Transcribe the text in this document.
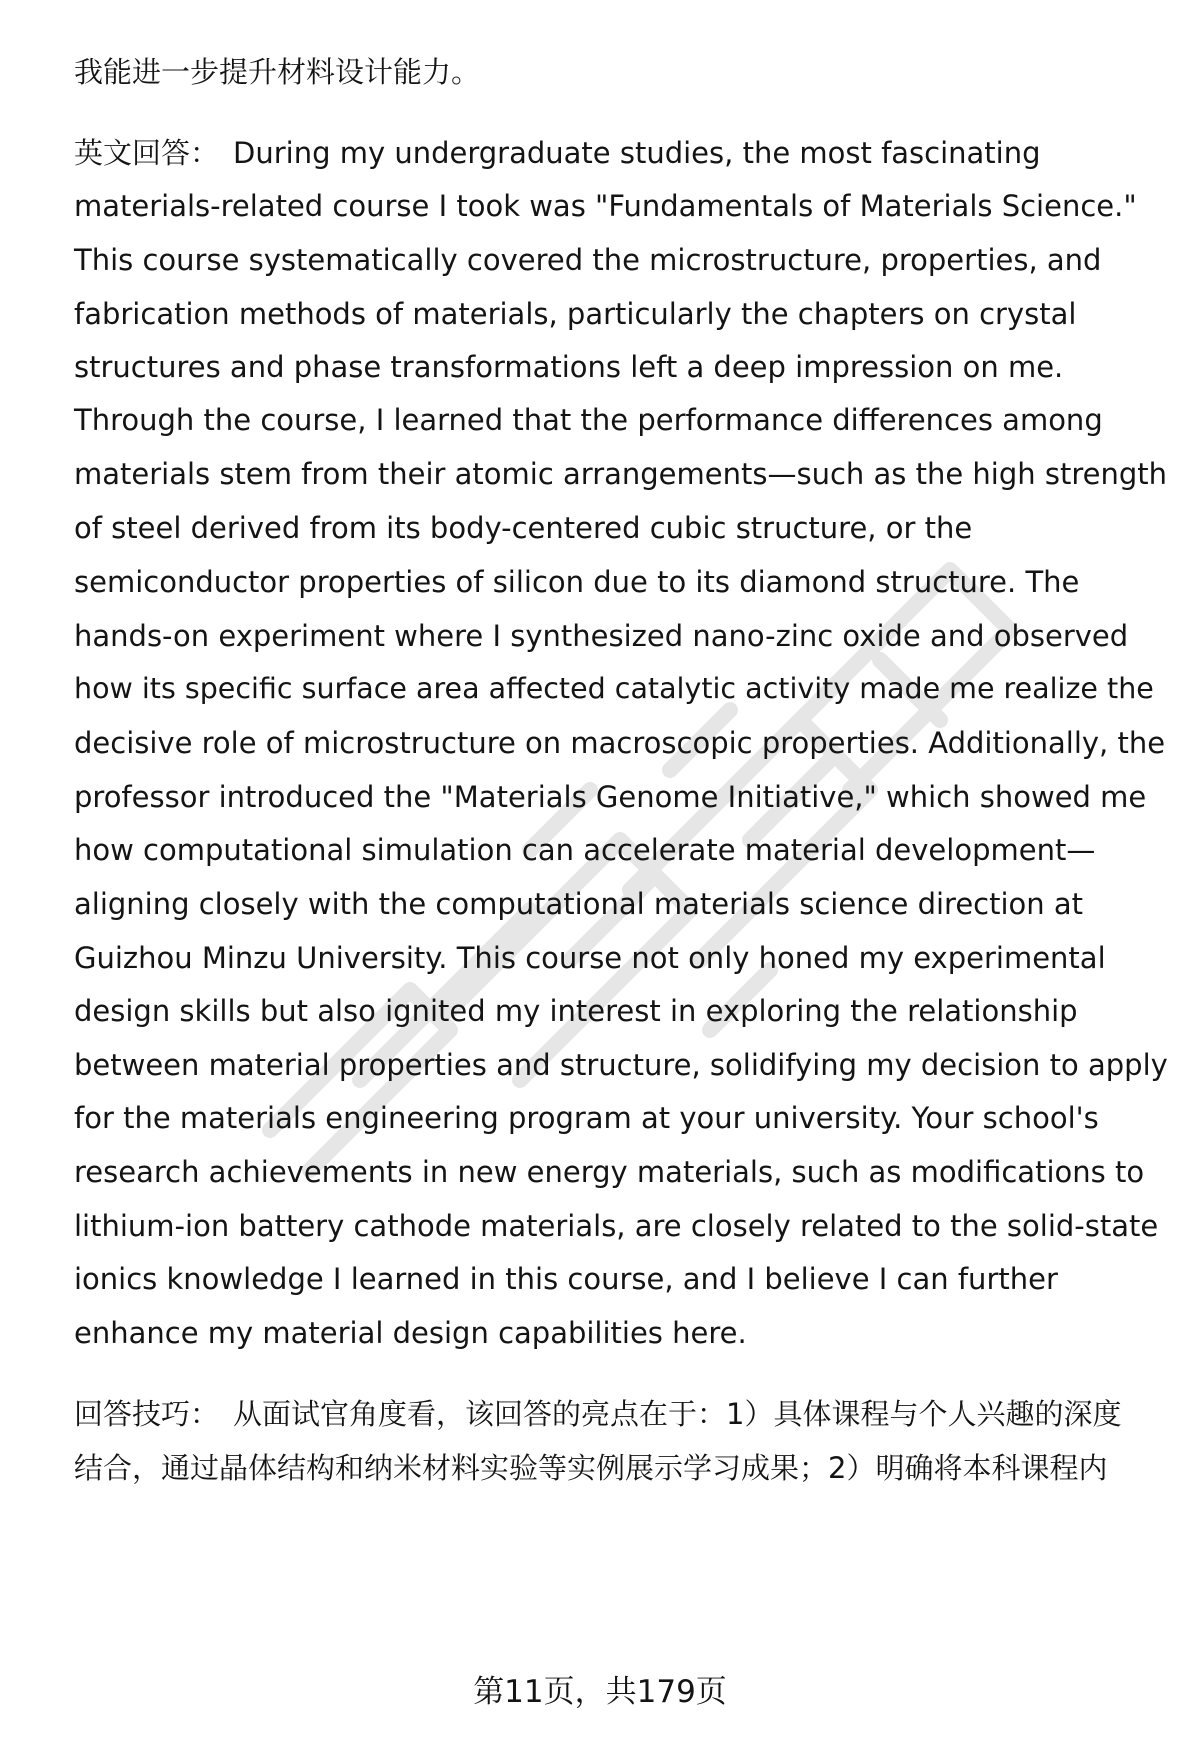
我能进一步提升材料设计能力。
英文回答： During my undergraduate studies, the most fascinating
materials-related course I took was "Fundamentals of Materials Science."
This course systematically covered the microstructure, properties, and
fabrication methods of materials, particularly the chapters on crystal
structures and phase transformations left a deep impression on me.
Through the course, I learned that the performance differences among
materials stem from their atomic arrangements—such as the high strength
of steel derived from its body-centered cubic structure, or the
semiconductor properties of silicon due to its diamond structure. The
hands-on experiment where I synthesized nano-zinc oxide and observed
how its specific surface area affected catalytic activity made me realize the
decisive role of microstructure on macroscopic properties. Additionally, the
professor introduced the "Materials Genome Initiative," which showed me
how computational simulation can accelerate material development—
aligning closely with the computational materials science direction at
Guizhou Minzu University. This course not only honed my experimental
design skills but also ignited my interest in exploring the relationship
between material properties and structure, solidifying my decision to apply
for the materials engineering program at your university. Your school's
research achievements in new energy materials, such as modifications to
lithium-ion battery cathode materials, are closely related to the solid-state
ionics knowledge I learned in this course, and I believe I can further
enhance my material design capabilities here.
回答技巧： 从面试官角度看，该回答的亮点在于：1）具体课程与个人兴趣的深度
结合，通过晶体结构和纳米材料实验等实例展示学习成果；2）明确将本科课程内
第11页，共179页
